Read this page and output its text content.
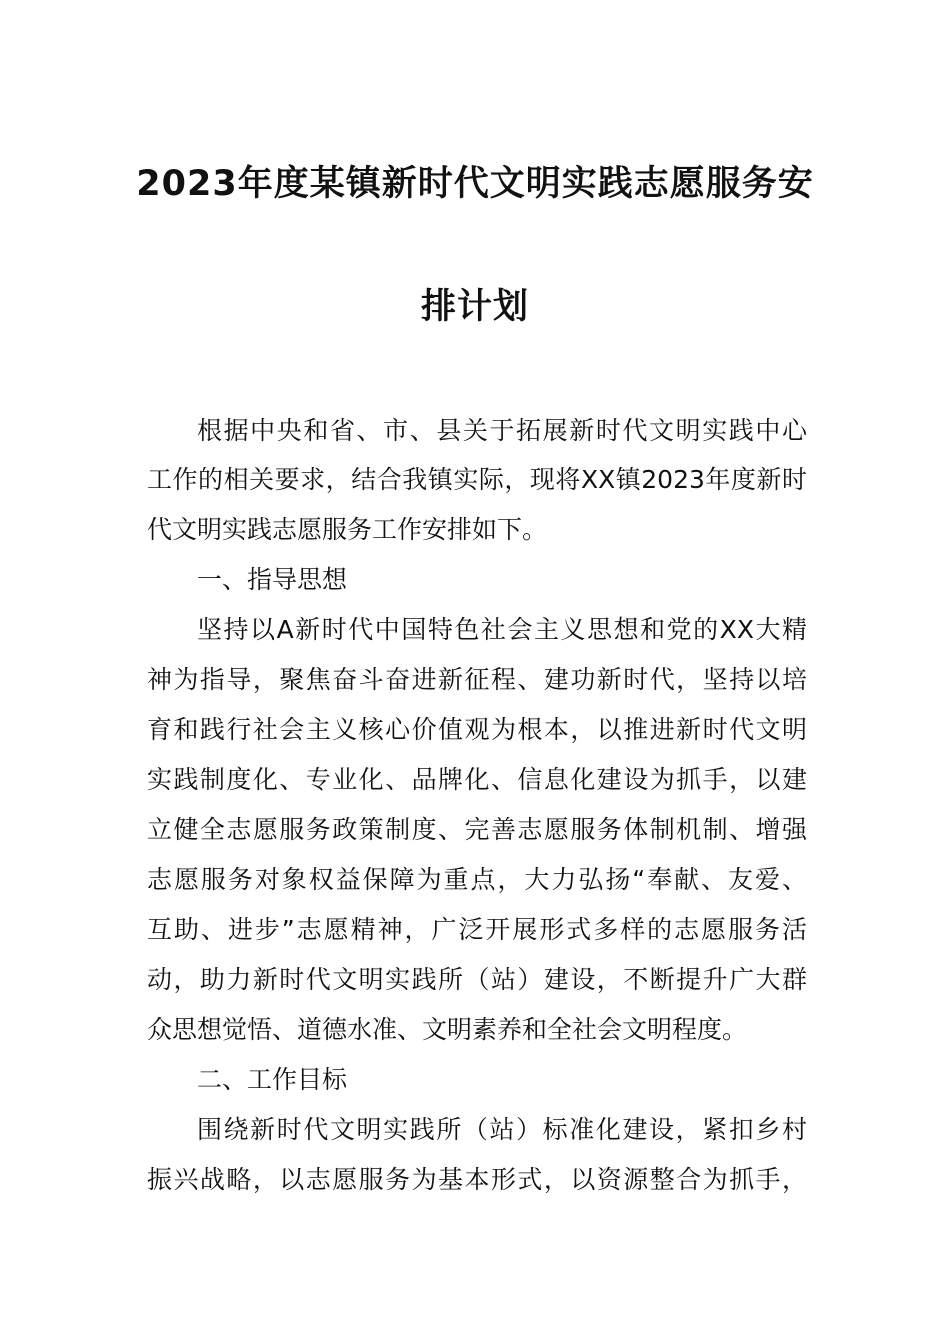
2023年度某镇新时代文明实践志愿服务安
排计划
根据中央和省、市、县关于拓展新时代文明实践中心
工作的相关要求，结合我镇实际，现将XX镇2023年度新时
代文明实践志愿服务工作安排如下。
一、指导思想
坚持以A新时代中国特色社会主义思想和党的XX大精
神为指导，聚焦奋斗奋进新征程、建功新时代，坚持以培
育和践行社会主义核心价值观为根本，以推进新时代文明
实践制度化、专业化、品牌化、信息化建设为抓手，以建
立健全志愿服务政策制度、完善志愿服务体制机制、增强
志愿服务对象权益保障为重点，大力弘扬“奉献、友爱、
互助、进步”志愿精神，广泛开展形式多样的志愿服务活
动，助力新时代文明实践所（站）建设，不断提升广大群
众思想觉悟、道德水准、文明素养和全社会文明程度。
二、工作目标
围绕新时代文明实践所（站）标准化建设，紧扣乡村
振兴战略，以志愿服务为基本形式，以资源整合为抓手，
